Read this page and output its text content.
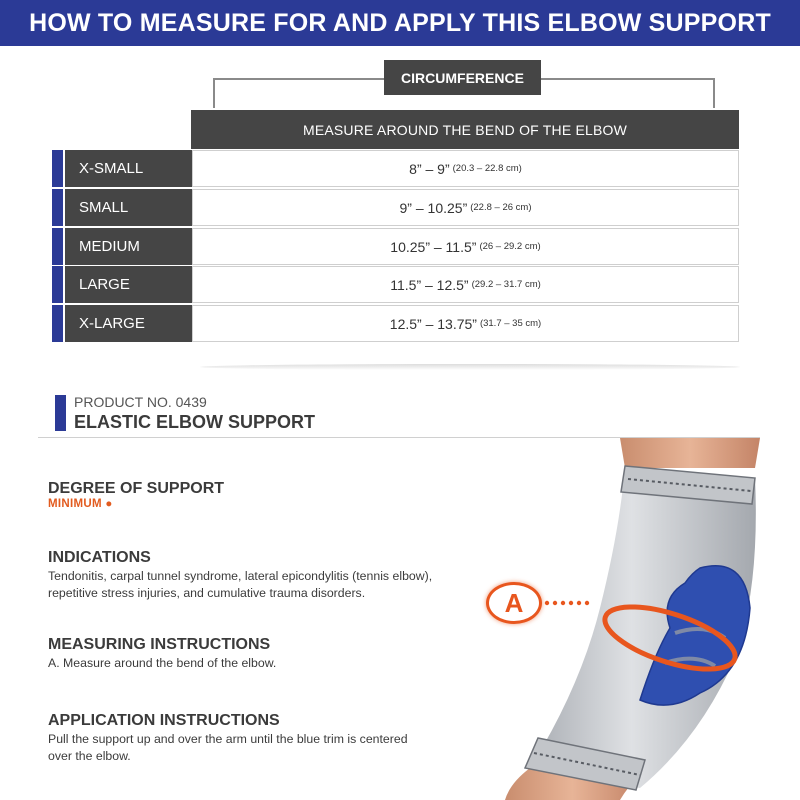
HOW TO MEASURE FOR AND APPLY THIS ELBOW SUPPORT
CIRCUMFERENCE
MEASURE AROUND THE BEND OF THE ELBOW
X-SMALL	8” – 9” (20.3 – 22.8 cm)
SMALL	9” – 10.25” (22.8 – 26 cm)
MEDIUM	10.25” – 11.5” (26 – 29.2 cm)
LARGE	11.5” – 12.5” (29.2 – 31.7 cm)
X-LARGE	12.5” – 13.75” (31.7 – 35 cm)
PRODUCT NO. 0439
ELASTIC ELBOW SUPPORT
DEGREE OF SUPPORT
MINIMUM ●
INDICATIONS
Tendonitis, carpal tunnel syndrome, lateral epicondylitis (tennis elbow),
repetitive stress injuries, and cumulative trauma disorders.
MEASURING INSTRUCTIONS
A. Measure around the bend of the elbow.
APPLICATION INSTRUCTIONS
Pull the support up and over the arm until the blue trim is centered
over the elbow.
A
